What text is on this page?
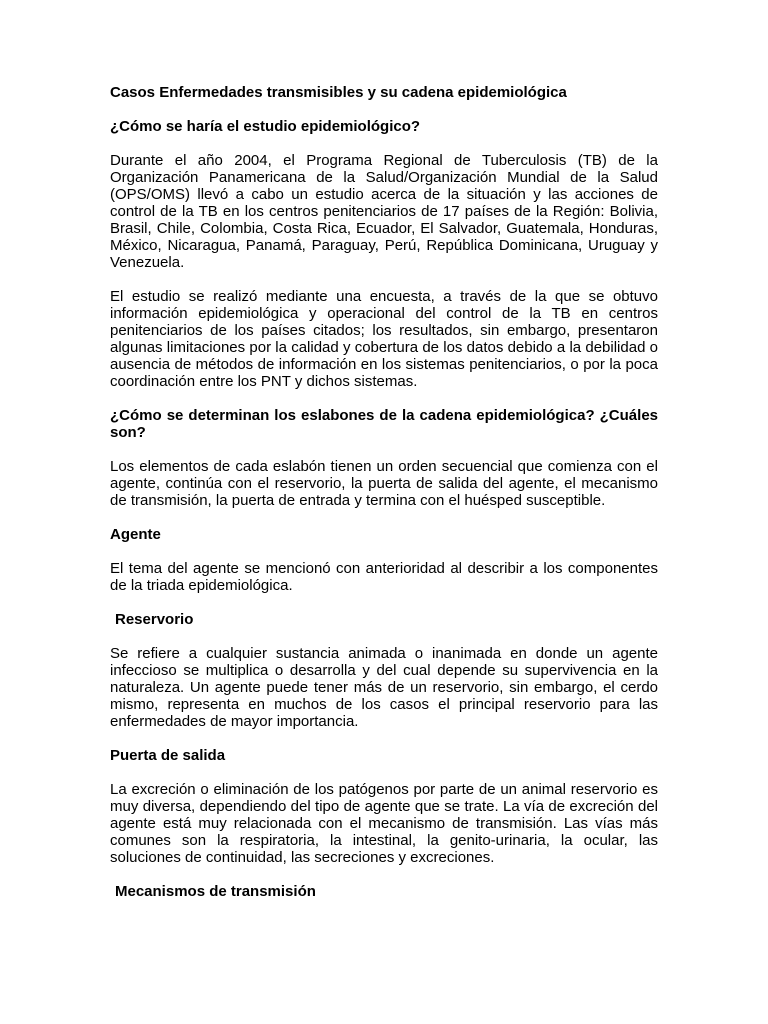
Casos Enfermedades transmisibles y su cadena epidemiológica

¿Cómo se haría el estudio epidemiológico?

Durante el año 2004, el Programa Regional de Tuberculosis (TB) de la Organización Panamericana de la Salud/Organización Mundial de la Salud (OPS/OMS) llevó a cabo un estudio acerca de la situación y las acciones de control de la TB en los centros penitenciarios de 17 países de la Región: Bolivia, Brasil, Chile, Colombia, Costa Rica, Ecuador, El Salvador, Guatemala, Honduras, México, Nicaragua, Panamá, Paraguay, Perú, República Dominicana, Uruguay y Venezuela.

El estudio se realizó mediante una encuesta, a través de la que se obtuvo información epidemiológica y operacional del control de la TB en centros penitenciarios de los países citados; los resultados, sin embargo, presentaron algunas limitaciones por la calidad y cobertura de los datos debido a la debilidad o ausencia de métodos de información en los sistemas penitenciarios, o por la poca coordinación entre los PNT y dichos sistemas.

¿Cómo se determinan los eslabones de la cadena epidemiológica? ¿Cuáles son?

Los elementos de cada eslabón tienen un orden secuencial que comienza con el agente, continúa con el reservorio, la puerta de salida del agente, el mecanismo de transmisión, la puerta de entrada y termina con el huésped susceptible.

Agente

El tema del agente se mencionó con anterioridad al describir a los componentes de la triada epidemiológica.

Reservorio

Se refiere a cualquier sustancia animada o inanimada en donde un agente infeccioso se multiplica o desarrolla y del cual depende su supervivencia en la naturaleza. Un agente puede tener más de un reservorio, sin embargo, el cerdo mismo, representa en muchos de los casos el principal reservorio para las enfermedades de mayor importancia.

Puerta de salida

La excreción o eliminación de los patógenos por parte de un animal reservorio es muy diversa, dependiendo del tipo de agente que se trate. La vía de excreción del agente está muy relacionada con el mecanismo de transmisión. Las vías más comunes son la respiratoria, la intestinal, la genito-urinaria, la ocular, las soluciones de continuidad, las secreciones y excreciones.

Mecanismos de transmisión
